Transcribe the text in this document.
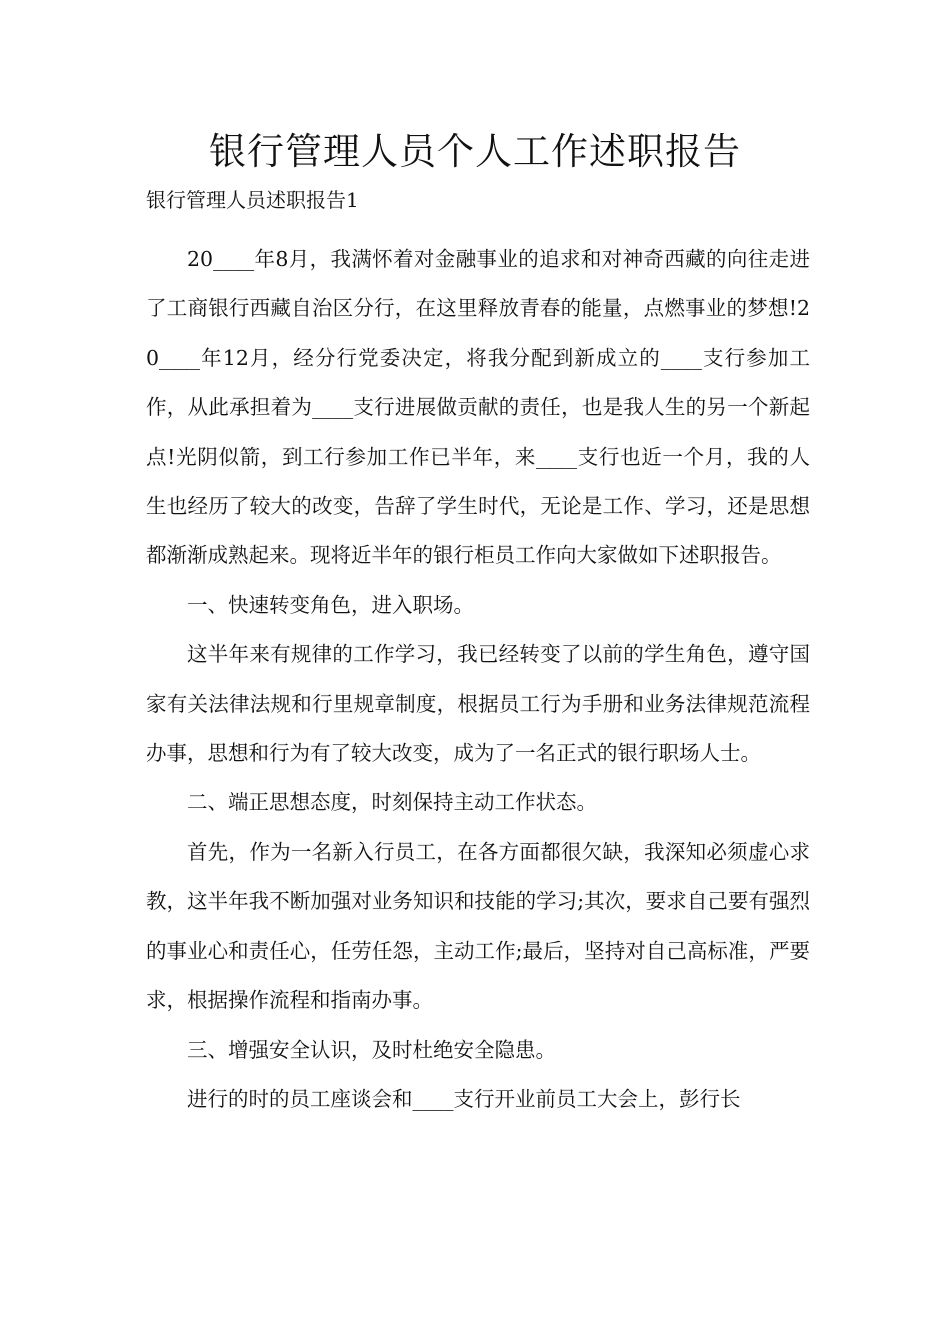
银行管理人员个人工作述职报告

银行管理人员述职报告1

20____年8月，我满怀着对金融事业的追求和对神奇西藏的向往走进了工商银行西藏自治区分行，在这里释放青春的能量，点燃事业的梦想!20____年12月，经分行党委决定，将我分配到新成立的____支行参加工作，从此承担着为____支行进展做贡献的责任，也是我人生的另一个新起点!光阴似箭，到工行参加工作已半年，来____支行也近一个月，我的人生也经历了较大的改变，告辞了学生时代，无论是工作、学习，还是思想都渐渐成熟起来。现将近半年的银行柜员工作向大家做如下述职报告。

一、快速转变角色，进入职场。

这半年来有规律的工作学习，我已经转变了以前的学生角色，遵守国家有关法律法规和行里规章制度，根据员工行为手册和业务法律规范流程办事，思想和行为有了较大改变，成为了一名正式的银行职场人士。

二、端正思想态度，时刻保持主动工作状态。

首先，作为一名新入行员工，在各方面都很欠缺，我深知必须虚心求教，这半年我不断加强对业务知识和技能的学习;其次，要求自己要有强烈的事业心和责任心，任劳任怨，主动工作;最后，坚持对自己高标准，严要求，根据操作流程和指南办事。

三、增强安全认识，及时杜绝安全隐患。

进行的时的员工座谈会和____支行开业前员工大会上，彭行长
